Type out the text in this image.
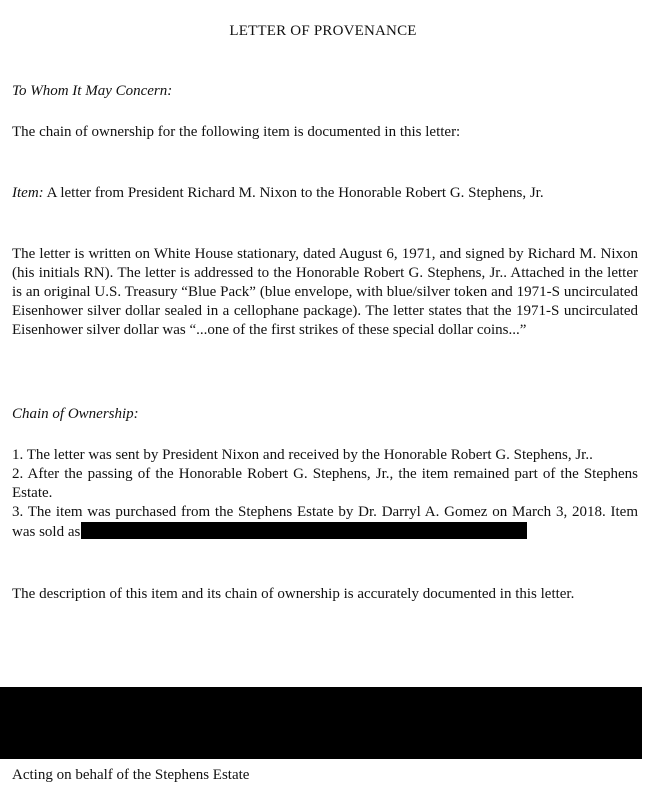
LETTER OF PROVENANCE

To Whom It May Concern:

The chain of ownership for the following item is documented in this letter:

Item: A letter from President Richard M. Nixon to the Honorable Robert G. Stephens, Jr.

The letter is written on White House stationary, dated August 6, 1971, and signed by Richard M. Nixon (his initials RN). The letter is addressed to the Honorable Robert G. Stephens, Jr.. Attached in the letter is an original U.S. Treasury “Blue Pack” (blue envelope, with blue/silver token and 1971-S uncirculated Eisenhower silver dollar sealed in a cellophane package). The letter states that the 1971-S uncirculated Eisenhower silver dollar was “...one of the first strikes of these special dollar coins...”

Chain of Ownership:

1. The letter was sent by President Nixon and received by the Honorable Robert G. Stephens, Jr..
2. After the passing of the Honorable Robert G. Stephens, Jr., the item remained part of the Stephens Estate.
3. The item was purchased from the Stephens Estate by Dr. Darryl A. Gomez on March 3, 2018. Item was sold as

The description of this item and its chain of ownership is accurately documented in this letter.

Acting on behalf of the Stephens Estate
